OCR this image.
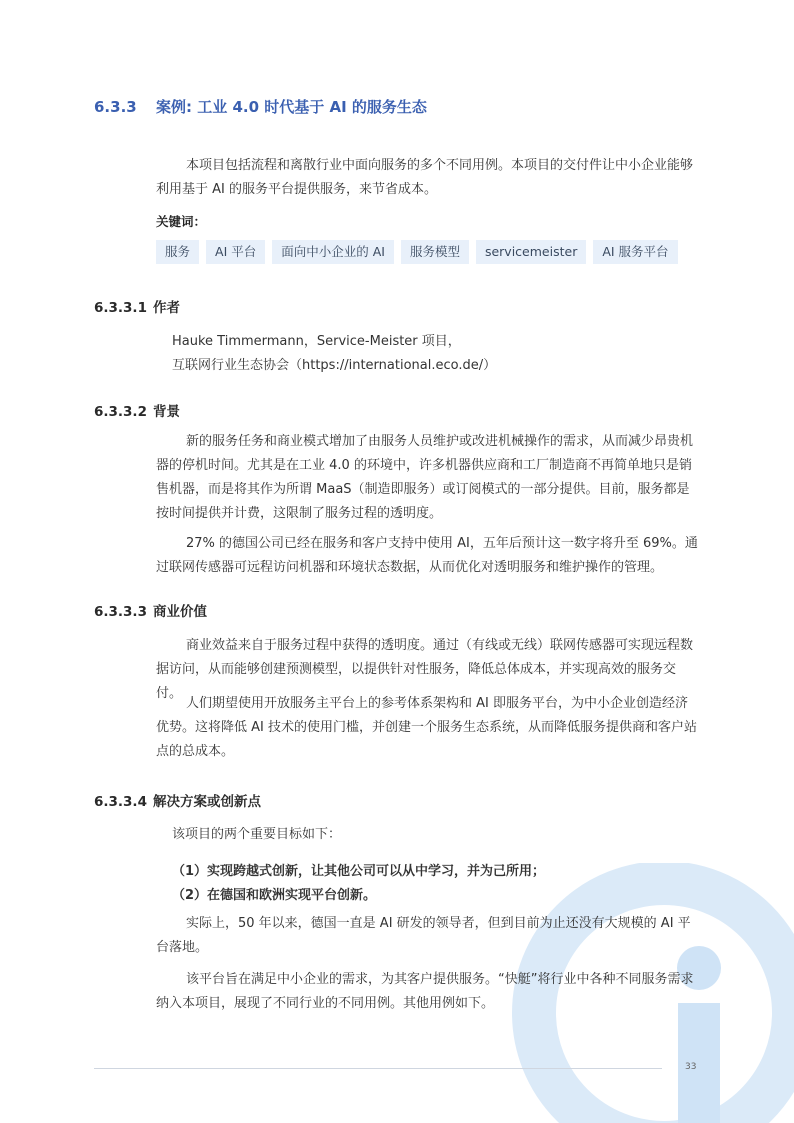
6.3.3 案例: 工业 4.0 时代基于 AI 的服务生态

本项目包括流程和离散行业中面向服务的多个不同用例。本项目的交付件让中小企业能够利用基于 AI 的服务平台提供服务，来节省成本。

关键词：

服务	AI 平台	面向中小企业的 AI	服务模型	servicemeister	AI 服务平台
6.3.3.1 作者

Hauke Timmermann，Service-Meister 项目，

互联网行业生态协会（https://international.eco.de/）

6.3.3.2 背景

新的服务任务和商业模式增加了由服务人员维护或改进机械操作的需求，从而减少昂贵机器的停机时间。尤其是在工业 4.0 的环境中，许多机器供应商和工厂制造商不再简单地只是销售机器，而是将其作为所谓 MaaS（制造即服务）或订阅模式的一部分提供。目前，服务都是按时间提供并计费，这限制了服务过程的透明度。

27% 的德国公司已经在服务和客户支持中使用 AI，五年后预计这一数字将升至 69%。通过联网传感器可远程访问机器和环境状态数据，从而优化对透明服务和维护操作的管理。

6.3.3.3 商业价值

商业效益来自于服务过程中获得的透明度。通过（有线或无线）联网传感器可实现远程数据访问，从而能够创建预测模型，以提供针对性服务，降低总体成本，并实现高效的服务交付。

人们期望使用开放服务主平台上的参考体系架构和 AI 即服务平台，为中小企业创造经济优势。这将降低 AI 技术的使用门槛，并创建一个服务生态系统，从而降低服务提供商和客户站点的总成本。

6.3.3.4 解决方案或创新点

该项目的两个重要目标如下：

（1）实现跨越式创新，让其他公司可以从中学习，并为己所用；

（2）在德国和欧洲实现平台创新。

实际上，50 年以来，德国一直是 AI 研发的领导者，但到目前为止还没有大规模的 AI 平台落地。

该平台旨在满足中小企业的需求，为其客户提供服务。“快艇”将行业中各种不同服务需求纳入本项目，展现了不同行业的不同用例。其他用例如下。

33
